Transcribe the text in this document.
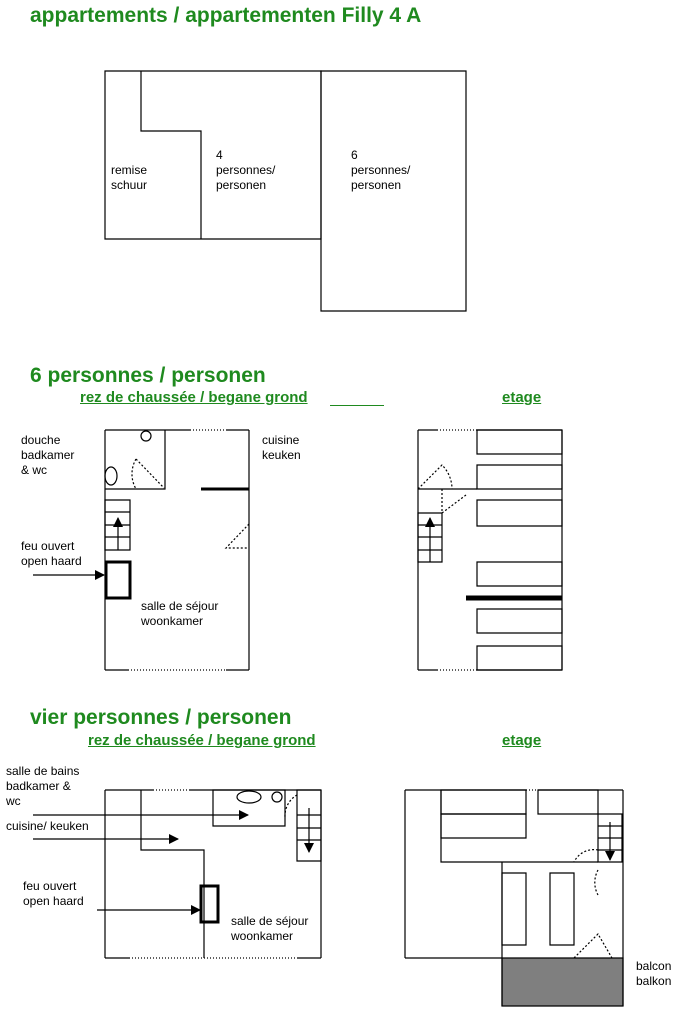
appartements / appartementen Filly 4 A
6 personnes / personen
rez de chaussée / begane grond	etage
vier personnes / personen
rez de chaussée / begane grond	etage
remise
schuur
4
personnes/
personen
6
personnes/
personen
douche
badkamer
& wc
cuisine
keuken
feu ouvert
open haard
salle de séjour
woonkamer
salle de bains
badkamer &
wc
cuisine/ keuken
feu ouvert
open haard
salle de séjour
woonkamer
balcon
balkon
